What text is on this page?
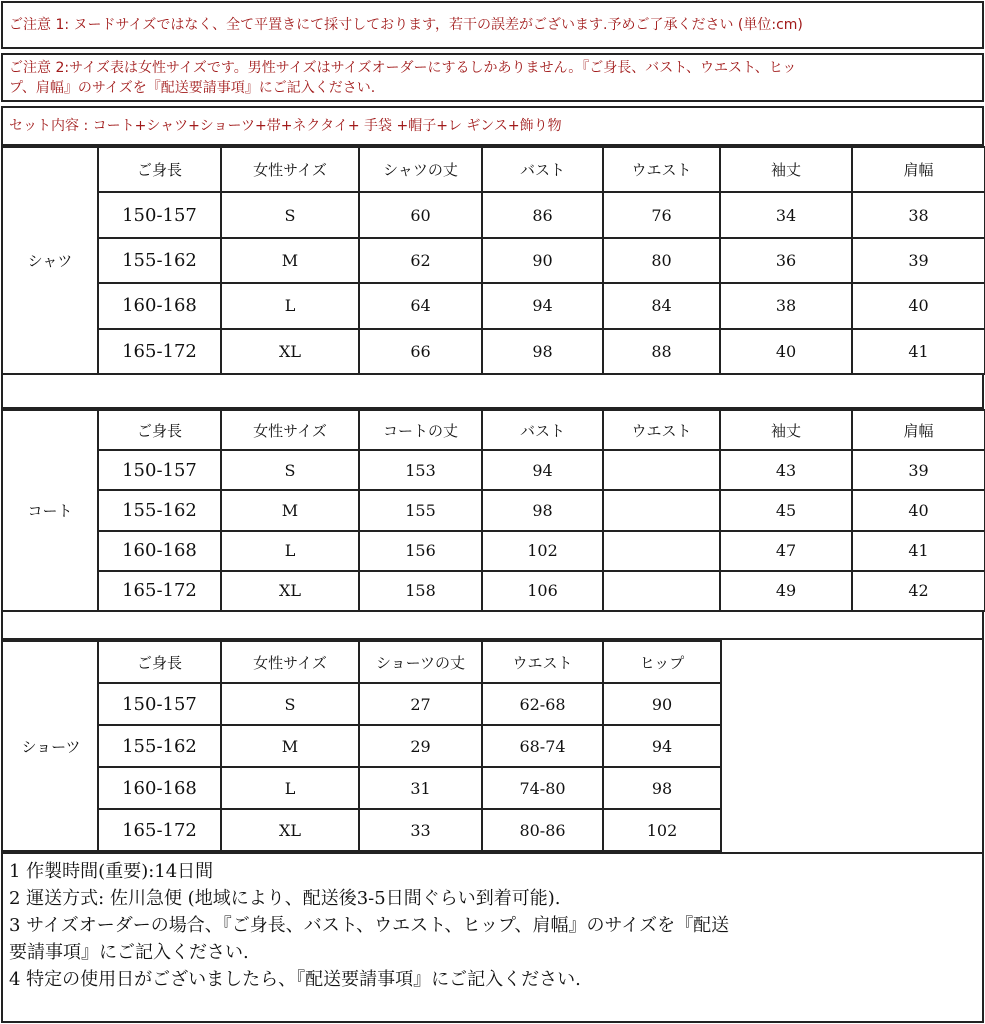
ご注意 1: ヌードサイズではなく、全て平置きにて採寸しております，若干の誤差がございます.予めご了承ください (単位:cm)
ご注意 2:サイズ表は女性サイズです。男性サイズはサイズオーダーにするしかありません。『ご身長、バスト、ウエスト、ヒッ
プ、肩幅』のサイズを『配送要請事項』にご記入ください.
セット内容 : コート+シャツ+ショーツ+帯+ネクタイ+ 手袋 +帽子+レ ギンス+飾り物
シャツ
ご身長	女性サイズ	シャツの丈	バスト	ウエスト	袖丈	肩幅
150-157	S	60	86	76	34	38
155-162	M	62	90	80	36	39
160-168	L	64	94	84	38	40
165-172	XL	66	98	88	40	41
コート
ご身長	女性サイズ	コートの丈	バスト	ウエスト	袖丈	肩幅
150-157	S	153	94		43	39
155-162	M	155	98		45	40
160-168	L	156	102		47	41
165-172	XL	158	106		49	42
ショーツ
ご身長	女性サイズ	ショーツの丈	ウエスト	ヒップ
150-157	S	27	62-68	90
155-162	M	29	68-74	94
160-168	L	31	74-80	98
165-172	XL	33	80-86	102
1 作製時間(重要):14日間
2 運送方式: 佐川急便 (地域により、配送後3-5日間ぐらい到着可能).
3 サイズオーダーの場合、『ご身長、バスト、ウエスト、ヒップ、肩幅』のサイズを『配送
要請事項』にご記入ください.
4 特定の使用日がございましたら、『配送要請事項』にご記入ください.
